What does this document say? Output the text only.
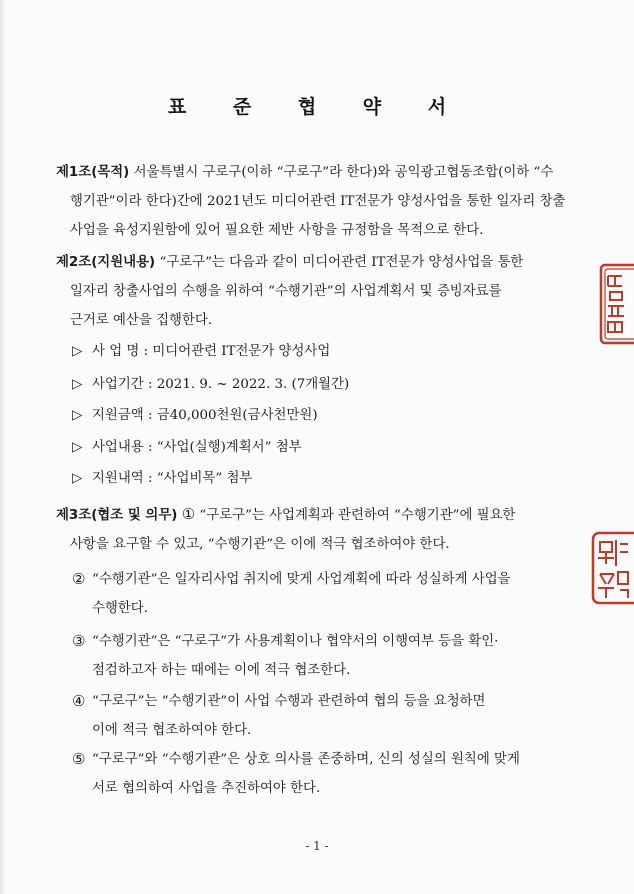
표 준 협 약 서
제1조(목적) 서울특별시 구로구(이하 “구로구”라 한다)와 공익광고협동조합(이하 “수
행기관”이라 한다)간에 2021년도 미디어관련 IT전문가 양성사업을 통한 일자리 창출
사업을 육성지원함에 있어 필요한 제반 사항을 규정함을 목적으로 한다.
제2조(지원내용) “구로구”는 다음과 같이 미디어관련 IT전문가 양성사업을 통한
일자리 창출사업의 수행을 위하여 “수행기관”의 사업계획서 및 증빙자료를
근거로 예산을 집행한다.
▷ 사 업 명 : 미디어관련 IT전문가 양성사업
▷ 사업기간 : 2021. 9. ~ 2022. 3. (7개월간)
▷ 지원금액 : 금40,000천원(금사천만원)
▷ 사업내용 : “사업(실행)계획서” 첨부
▷ 지원내역 : “사업비목” 첨부
제3조(협조 및 의무) ① “구로구”는 사업계획과 관련하여 “수행기관”에 필요한
사항을 요구할 수 있고, “수행기관”은 이에 적극 협조하여야 한다.
② “수행기관”은 일자리사업 취지에 맞게 사업계획에 따라 성실하게 사업을
수행한다.
③ “수행기관”은 “구로구”가 사용계획이나 협약서의 이행여부 등을 확인·
점검하고자 하는 때에는 이에 적극 협조한다.
④ “구로구”는 “수행기관”이 사업 수행과 관련하여 협의 등을 요청하면
이에 적극 협조하여야 한다.
⑤ “구로구”와 “수행기관”은 상호 의사를 존중하며, 신의 성실의 원칙에 맞게
서로 협의하여 사업을 추진하여야 한다.
- 1 -
